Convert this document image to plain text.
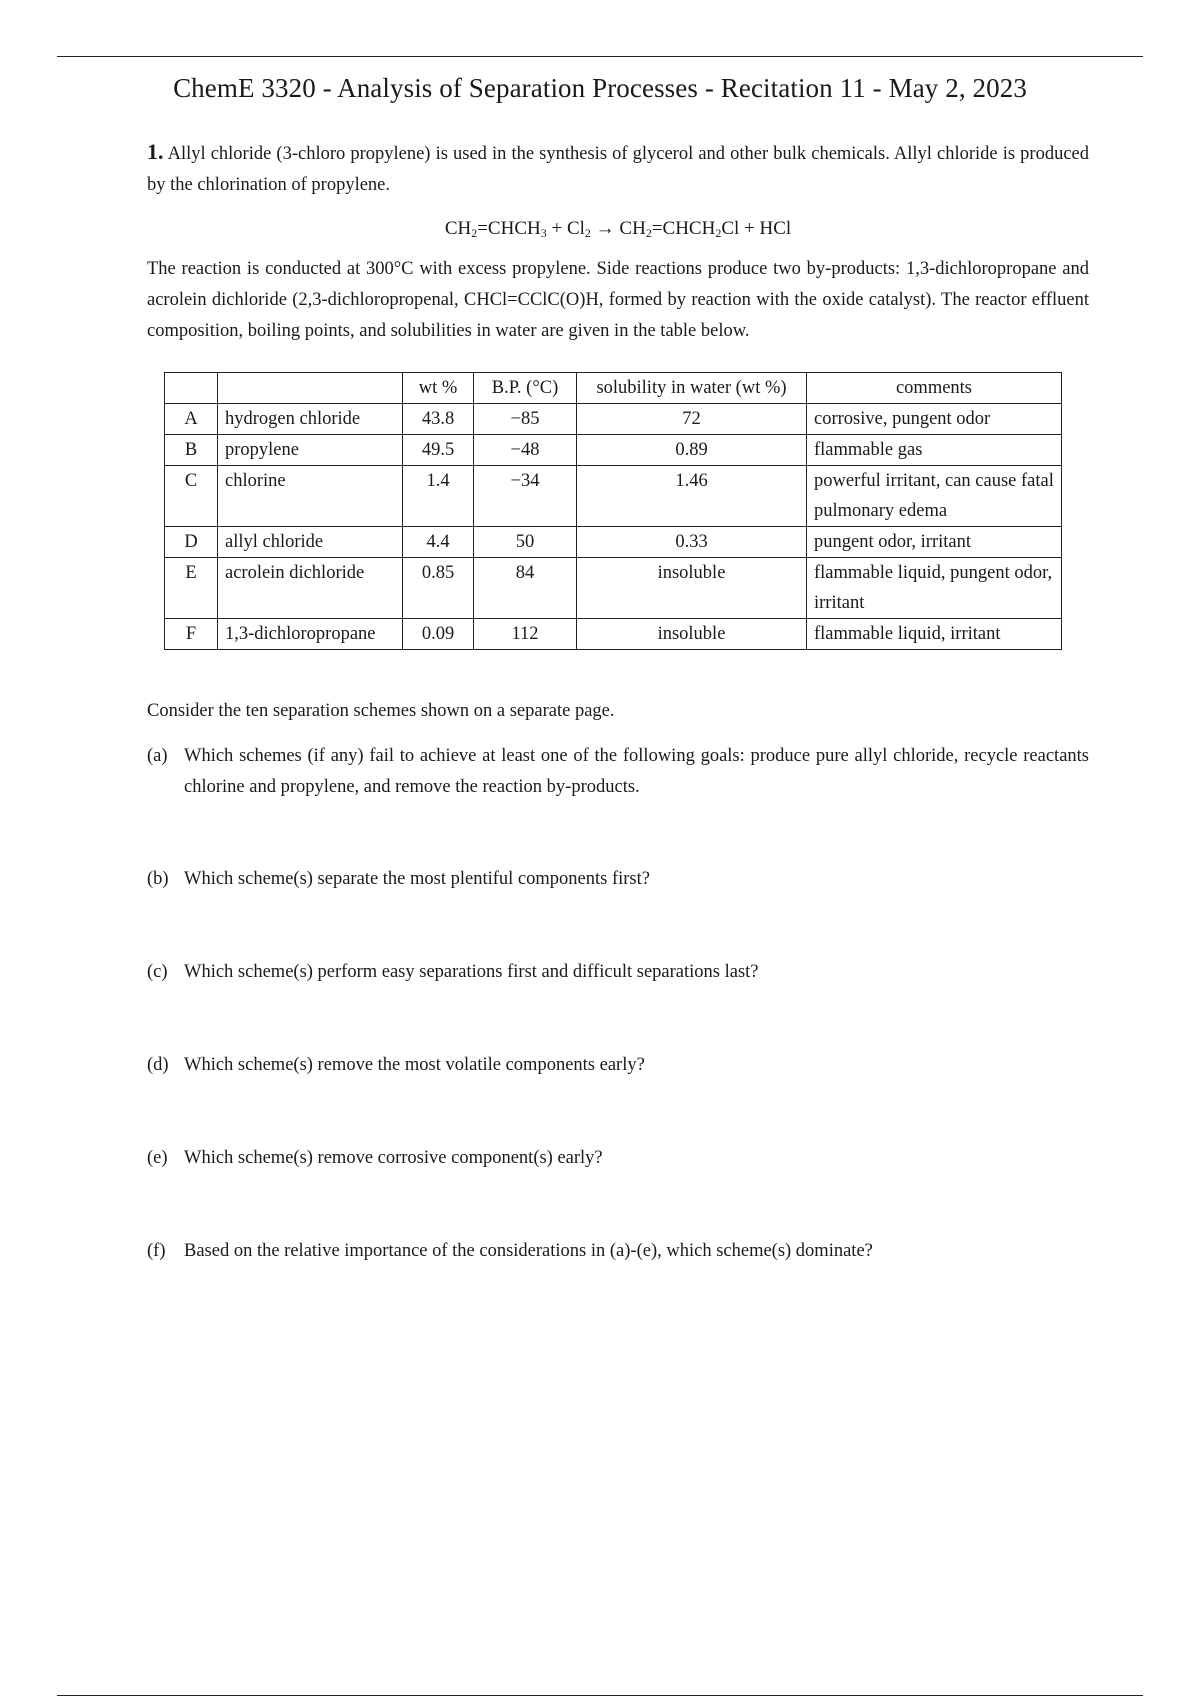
ChemE 3320 - Analysis of Separation Processes - Recitation 11 - May 2, 2023

1. Allyl chloride (3-chloro propylene) is used in the synthesis of glycerol and other bulk chemicals. Allyl chloride is produced by the chlorination of propylene.

$CH_2=CHCH_3 + Cl_2$ → $CH_2=CHCH_2Cl$ + HCl

The reaction is conducted at 300°C with excess propylene. Side reactions produce two by-products: 1,3-dichloropropane and acrolein dichloride (2,3-dichloropropenal, CHCl=CClC(O)H, formed by reaction with the oxide catalyst). The reactor effluent composition, boiling points, and solubilities in water are given in the table below.

		wt %	B.P. (°C)	solubility in water (wt %)	comments
A	hydrogen chloride	43.8	−85	72	corrosive, pungent odor
B	propylene	49.5	−48	0.89	flammable gas
C	chlorine	1.4	−34	1.46	powerful irritant, can cause fatal pulmonary edema
D	allyl chloride	4.4	50	0.33	pungent odor, irritant
E	acrolein dichloride	0.85	84	insoluble	flammable liquid, pungent odor, irritant
F	1,3-dichloropropane	0.09	112	insoluble	flammable liquid, irritant

Consider the ten separation schemes shown on a separate page.

(a) Which schemes (if any) fail to achieve at least one of the following goals: produce pure allyl chloride, recycle reactants chlorine and propylene, and remove the reaction by-products.
(b) Which scheme(s) separate the most plentiful components first?
(c) Which scheme(s) perform easy separations first and difficult separations last?
(d) Which scheme(s) remove the most volatile components early?
(e) Which scheme(s) remove corrosive component(s) early?
(f)	Based on the relative importance of the considerations in (a)-(e), which scheme(s) dominate?
